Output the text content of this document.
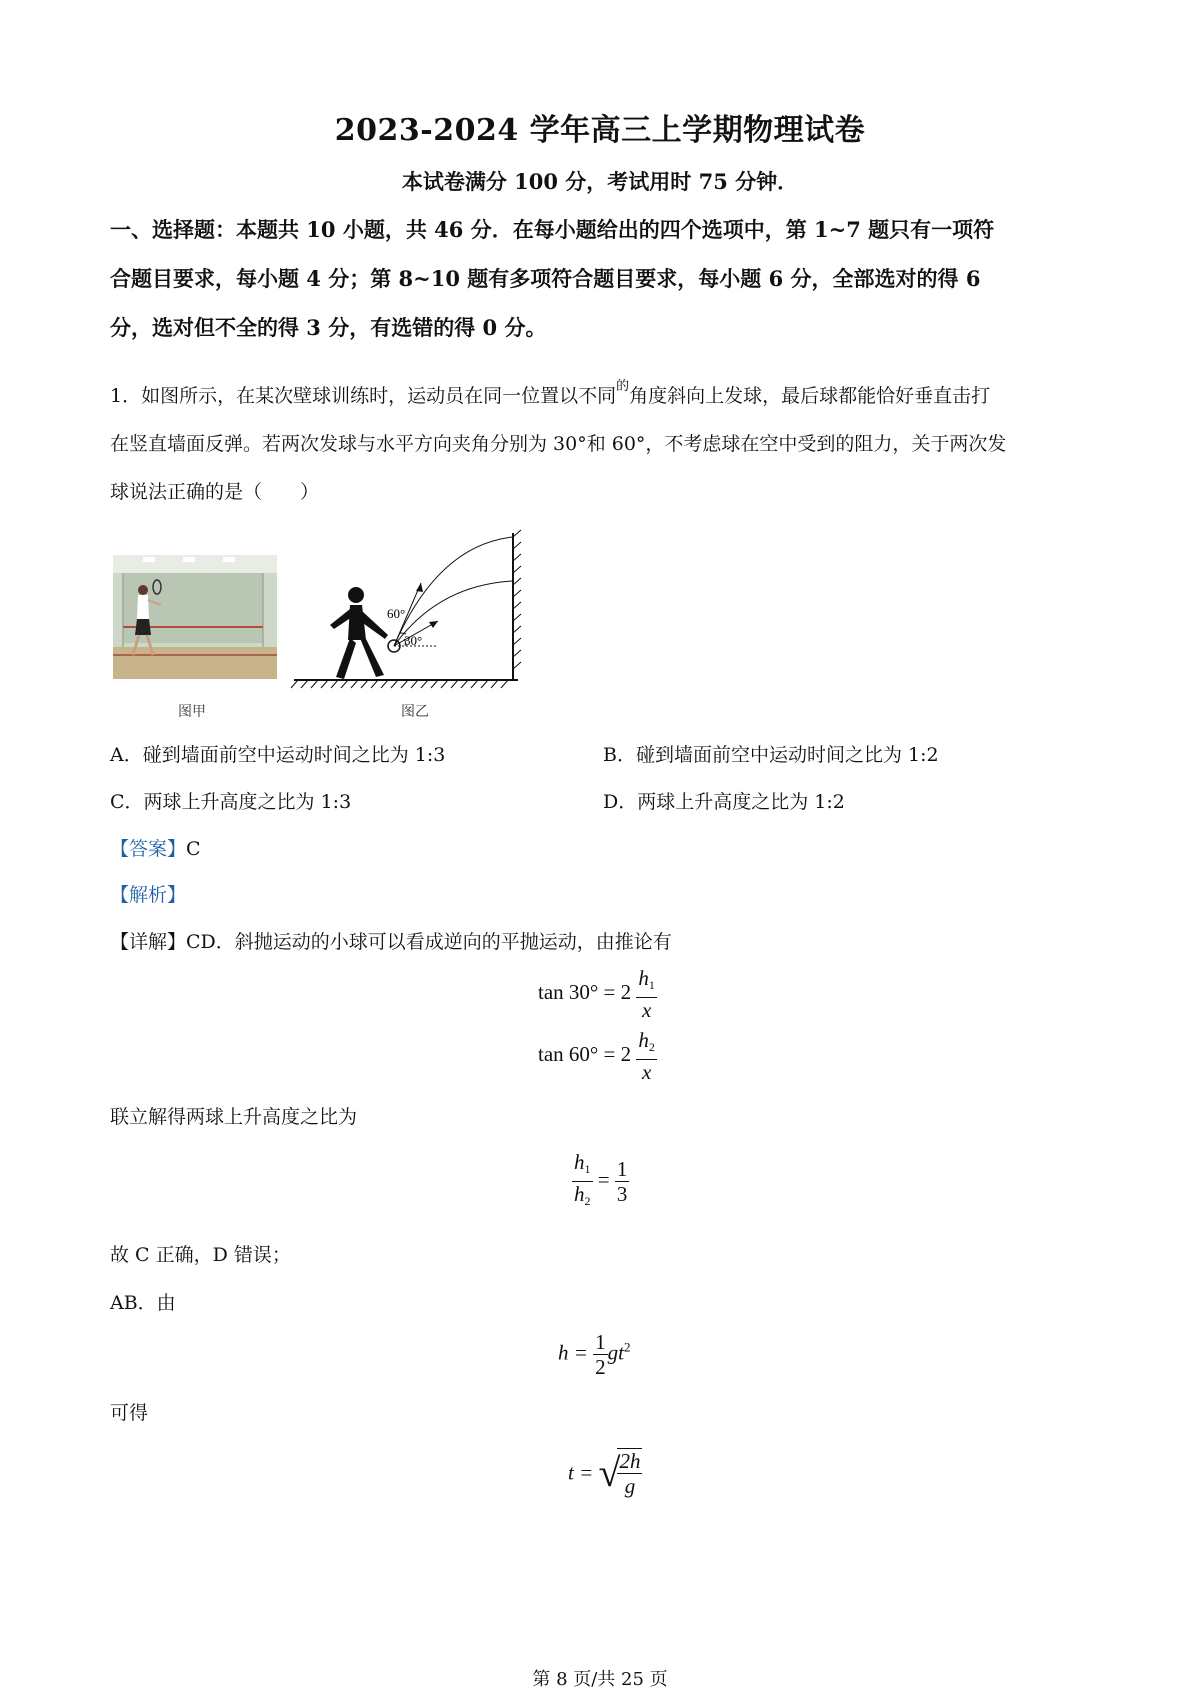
2023-2024 学年高三上学期物理试卷
本试卷满分 100 分，考试用时 75 分钟．
一、选择题：本题共 10 小题，共 46 分．在每小题给出的四个选项中，第 1~7 题只有一项符
合题目要求，每小题 4 分；第 8~10 题有多项符合题目要求，每小题 6 分，全部选对的得 6
分，选对但不全的得 3 分，有选错的得 0 分。
1．如图所示，在某次壁球训练时，运动员在同一位置以不同$^的$角度斜向上发球，最后球都能恰好垂直击打
在竖直墙面反弹。若两次发球与水平方向夹角分别为 30°和 60°，不考虑球在空中受到的阻力，关于两次发
球说法正确的是（　　）
图甲
60°
30°
图乙
A．碰到墙面前空中运动时间之比为 1:3	B．碰到墙面前空中运动时间之比为 1:2
C．两球上升高度之比为 1:3	D．两球上升高度之比为 1:2
【答案】C
【解析】
【详解】CD．斜抛运动的小球可以看成逆向的平抛运动，由推论有
$\tan 30^\circ = 2 \frac{h_1}{x}$
$\tan 60^\circ = 2 \frac{h_2}{x}$
联立解得两球上升高度之比为
$\frac{h_1}{h_2} = \frac{1}{3}$
故 C 正确，D 错误；
AB．由
$h = \frac{1}{2} gt^2$
可得
t = √
$\frac{2h}{g}$
第 8 页/共 25 页
